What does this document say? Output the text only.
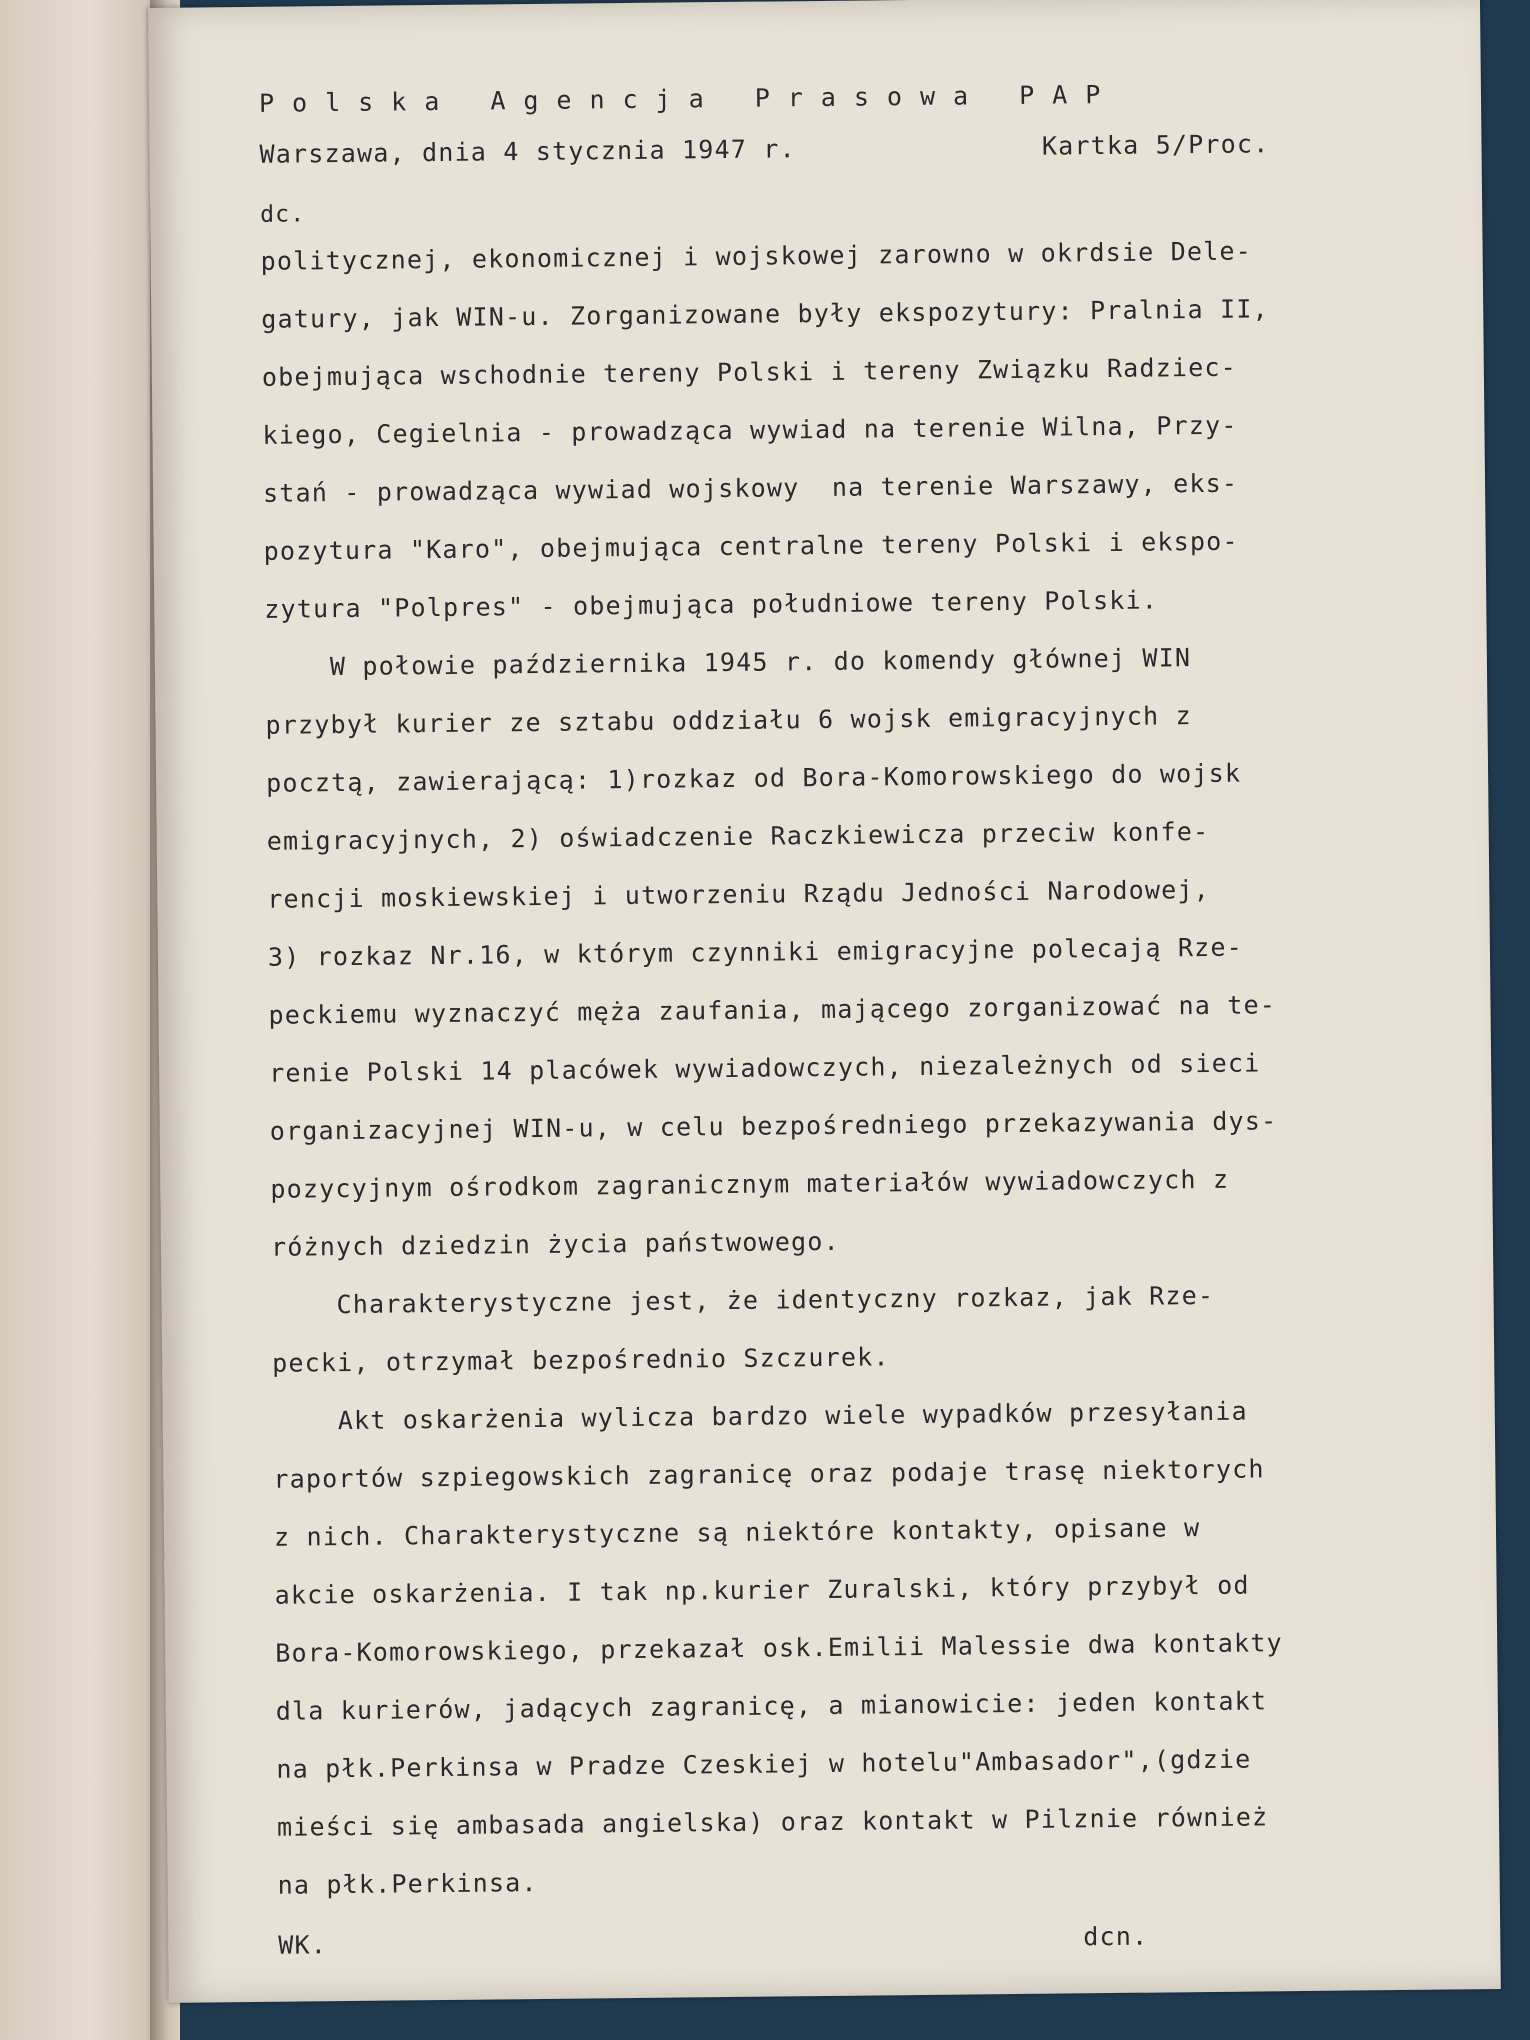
Polska Agencja Prasowa PAP
Warszawa, dnia 4 stycznia 1947 r.	Kartka 5/Proc.
dc.
politycznej, ekonomicznej i wojskowej zarowno w okrdsie Dele-
gatury, jak WIN-u. Zorganizowane były ekspozytury: Pralnia II,
obejmująca wschodnie tereny Polski i tereny Związku Radziec-
kiego, Cegielnia - prowadząca wywiad na terenie Wilna, Przy-
stań - prowadząca wywiad wojskowy  na terenie Warszawy, eks-
pozytura "Karo", obejmująca centralne tereny Polski i ekspo-
zytura "Polpres" - obejmująca południowe tereny Polski.
W połowie października 1945 r. do komendy głównej WIN
przybył kurier ze sztabu oddziału 6 wojsk emigracyjnych z
pocztą, zawierającą: 1)rozkaz od Bora-Komorowskiego do wojsk
emigracyjnych, 2) oświadczenie Raczkiewicza przeciw konfe-
rencji moskiewskiej i utworzeniu Rządu Jedności Narodowej,
3) rozkaz Nr.16, w którym czynniki emigracyjne polecają Rze-
peckiemu wyznaczyć męża zaufania, mającego zorganizować na te-
renie Polski 14 placówek wywiadowczych, niezależnych od sieci
organizacyjnej WIN-u, w celu bezpośredniego przekazywania dys-
pozycyjnym ośrodkom zagranicznym materiałów wywiadowczych z
różnych dziedzin życia państwowego.
Charakterystyczne jest, że identyczny rozkaz, jak Rze-
pecki, otrzymał bezpośrednio Szczurek.
Akt oskarżenia wylicza bardzo wiele wypadków przesyłania
raportów szpiegowskich zagranicę oraz podaje trasę niektorych
z nich. Charakterystyczne są niektóre kontakty, opisane w
akcie oskarżenia. I tak np.kurier Zuralski, który przybył od
Bora-Komorowskiego, przekazał osk.Emilii Malessie dwa kontakty
dla kurierów, jadących zagranicę, a mianowicie: jeden kontakt
na płk.Perkinsa w Pradze Czeskiej w hotelu"Ambasador",(gdzie
mieści się ambasada angielska) oraz kontakt w Pilznie również
na płk.Perkinsa.
WK.	dcn.
